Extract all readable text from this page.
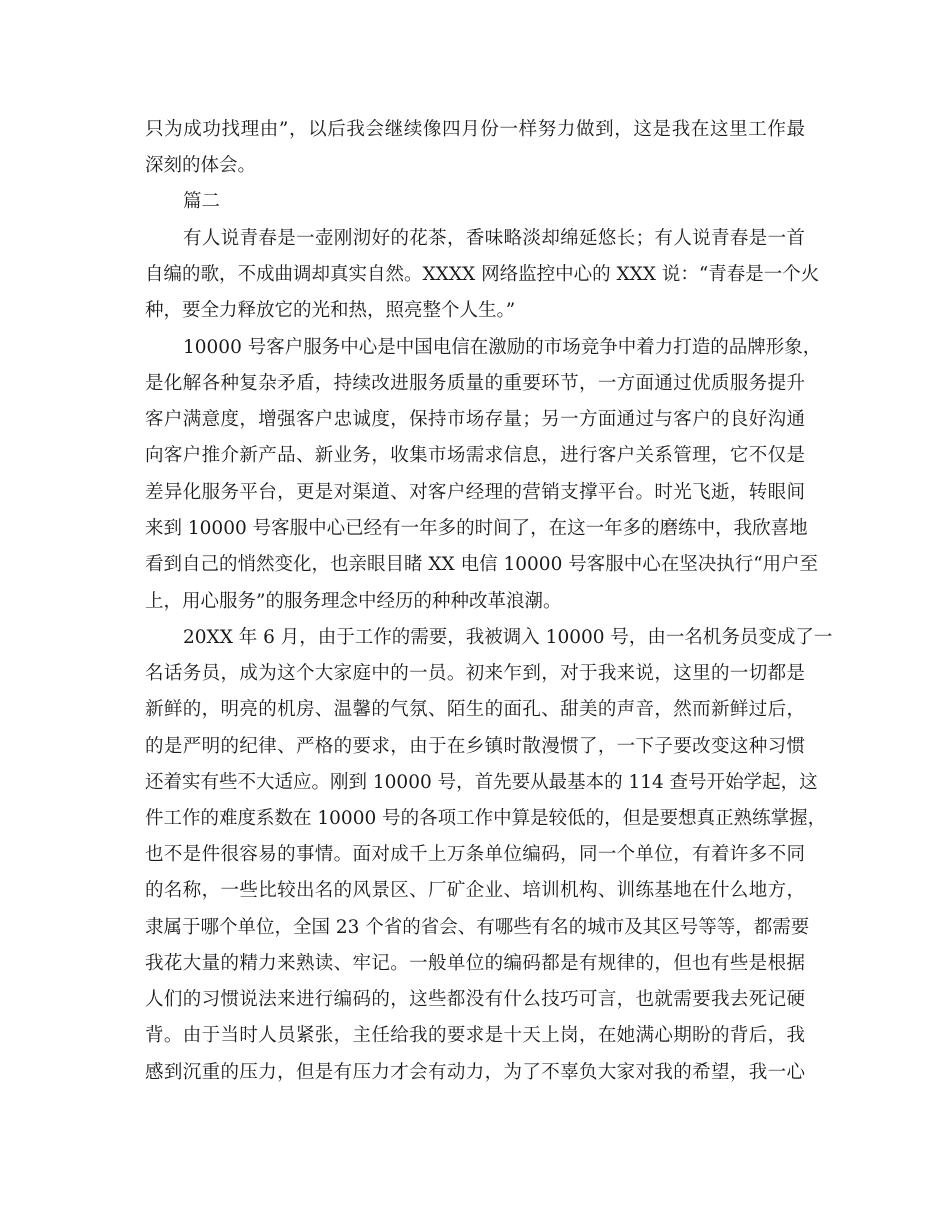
只为成功找理由”，以后我会继续像四月份一样努力做到，这是我在这里工作最
深刻的体会。
篇二
有人说青春是一壶刚沏好的花茶，香味略淡却绵延悠长；有人说青春是一首
自编的歌，不成曲调却真实自然。XXXX 网络监控中心的 XXX 说：“青春是一个火
种，要全力释放它的光和热，照亮整个人生。”
10000 号客户服务中心是中国电信在激励的市场竞争中着力打造的品牌形象，
是化解各种复杂矛盾，持续改进服务质量的重要环节，一方面通过优质服务提升
客户满意度，增强客户忠诚度，保持市场存量；另一方面通过与客户的良好沟通
向客户推介新产品、新业务，收集市场需求信息，进行客户关系管理，它不仅是
差异化服务平台，更是对渠道、对客户经理的营销支撑平台。时光飞逝，转眼间
来到 10000 号客服中心已经有一年多的时间了，在这一年多的磨练中，我欣喜地
看到自己的悄然变化，也亲眼目睹 XX 电信 10000 号客服中心在坚决执行“用户至
上，用心服务”的服务理念中经历的种种改革浪潮。
20XX 年 6 月，由于工作的需要，我被调入 10000 号，由一名机务员变成了一
名话务员，成为这个大家庭中的一员。初来乍到，对于我来说，这里的一切都是
新鲜的，明亮的机房、温馨的气氛、陌生的面孔、甜美的声音，然而新鲜过后，
的是严明的纪律、严格的要求，由于在乡镇时散漫惯了，一下子要改变这种习惯
还着实有些不大适应。刚到 10000 号，首先要从最基本的 114 查号开始学起，这
件工作的难度系数在 10000 号的各项工作中算是较低的，但是要想真正熟练掌握，
也不是件很容易的事情。面对成千上万条单位编码，同一个单位，有着许多不同
的名称，一些比较出名的风景区、厂矿企业、培训机构、训练基地在什么地方，
隶属于哪个单位，全国 23 个省的省会、有哪些有名的城市及其区号等等，都需要
我花大量的精力来熟读、牢记。一般单位的编码都是有规律的，但也有些是根据
人们的习惯说法来进行编码的，这些都没有什么技巧可言，也就需要我去死记硬
背。由于当时人员紧张，主任给我的要求是十天上岗，在她满心期盼的背后，我
感到沉重的压力，但是有压力才会有动力，为了不辜负大家对我的希望，我一心
